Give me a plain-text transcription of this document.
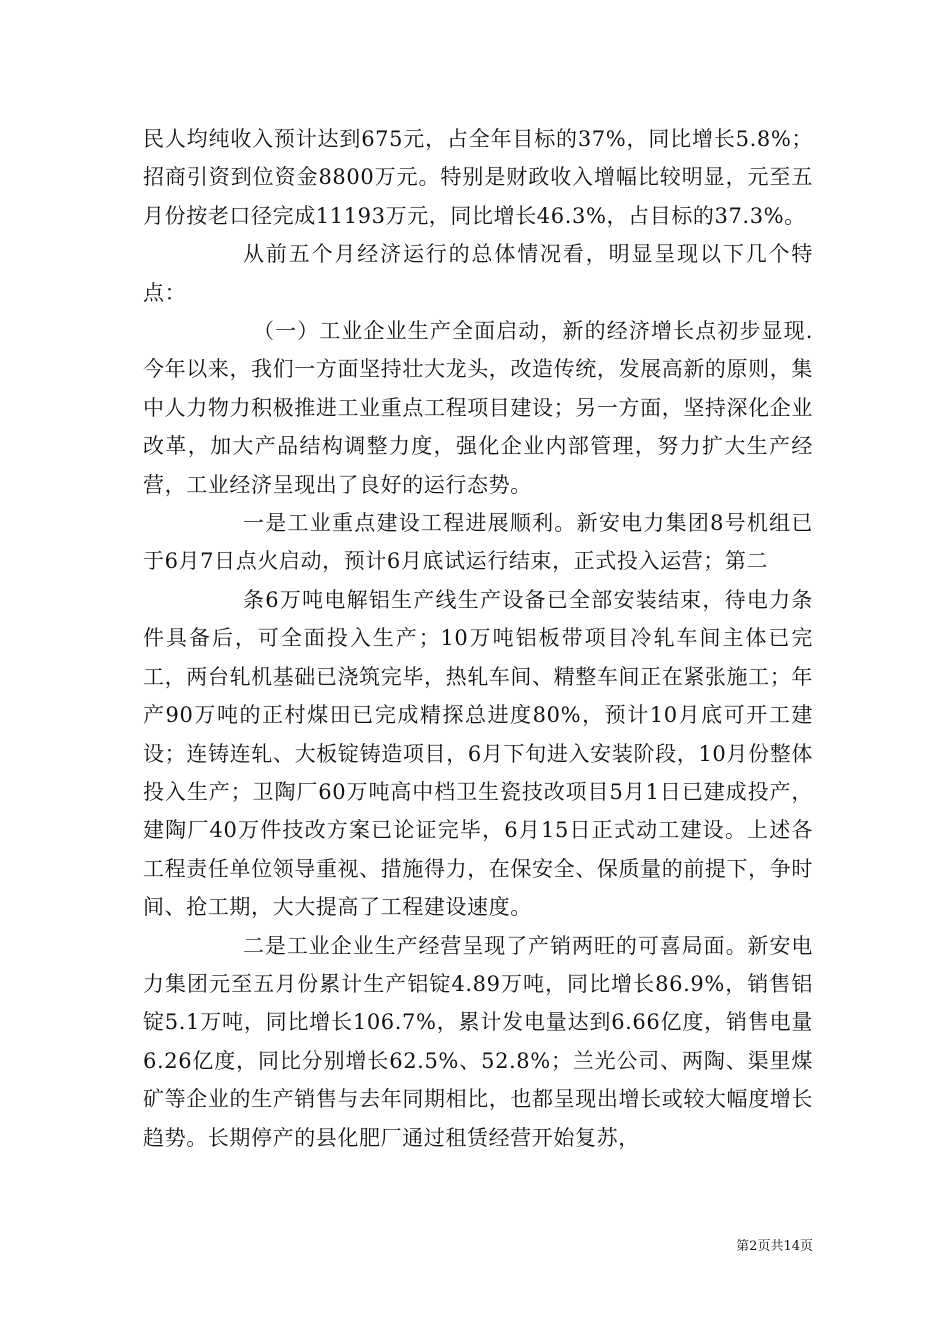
民人均纯收入预计达到675元，占全年目标的37%，同比增长5.8%；招商引资到位资金8800万元。特别是财政收入增幅比较明显，元至五月份按老口径完成11193万元，同比增长46.3%，占目标的37.3%。

从前五个月经济运行的总体情况看，明显呈现以下几个特点：

（一）工业企业生产全面启动，新的经济增长点初步显现.今年以来，我们一方面坚持壮大龙头，改造传统，发展高新的原则，集中人力物力积极推进工业重点工程项目建设；另一方面，坚持深化企业改革，加大产品结构调整力度，强化企业内部管理，努力扩大生产经营，工业经济呈现出了良好的运行态势。

一是工业重点建设工程进展顺利。新安电力集团8号机组已于6月7日点火启动，预计6月底试运行结束，正式投入运营；第二

条6万吨电解铝生产线生产设备已全部安装结束，待电力条件具备后，可全面投入生产；10万吨铝板带项目冷轧车间主体已完工，两台轧机基础已浇筑完毕，热轧车间、精整车间正在紧张施工；年产90万吨的正村煤田已完成精探总进度80%，预计10月底可开工建设；连铸连轧、大板锭铸造项目，6月下旬进入安装阶段，10月份整体投入生产；卫陶厂60万吨高中档卫生瓷技改项目5月1日已建成投产，建陶厂40万件技改方案已论证完毕，6月15日正式动工建设。上述各工程责任单位领导重视、措施得力，在保安全、保质量的前提下，争时间、抢工期，大大提高了工程建设速度。

二是工业企业生产经营呈现了产销两旺的可喜局面。新安电力集团元至五月份累计生产铝锭4.89万吨，同比增长86.9%，销售铝锭5.1万吨，同比增长106.7%，累计发电量达到6.66亿度，销售电量6.26亿度，同比分别增长62.5%、52.8%；兰光公司、两陶、渠里煤矿等企业的生产销售与去年同期相比，也都呈现出增长或较大幅度增长趋势。长期停产的县化肥厂通过租赁经营开始复苏，

第2页共14页
